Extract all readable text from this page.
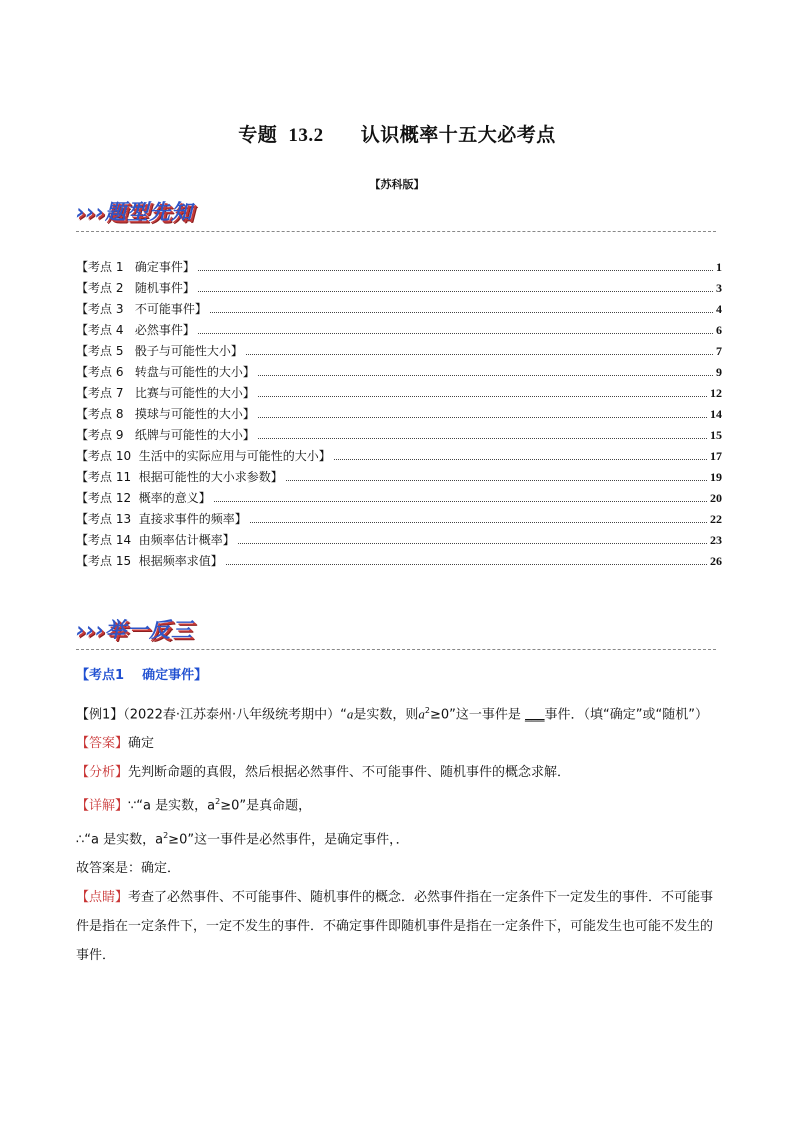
专题 13.2 认识概率十五大必考点
【苏科版】
›››题型先知
【考点 1   确定事件】	1
【考点 2   随机事件】	3
【考点 3   不可能事件】	4
【考点 4   必然事件】	6
【考点 5   骰子与可能性大小】	7
【考点 6   转盘与可能性的大小】	9
【考点 7   比赛与可能性的大小】	12
【考点 8   摸球与可能性的大小】	14
【考点 9   纸牌与可能性的大小】	15
【考点 10  生活中的实际应用与可能性的大小】	17
【考点 11  根据可能性的大小求参数】	19
【考点 12  概率的意义】	20
【考点 13  直接求事件的频率】	22
【考点 14  由频率估计概率】	23
【考点 15  根据频率求值】	26
›››举一反三
【考点1    确定事件】

【例1】（2022春·江苏泰州·八年级统考期中）“a是实数，则$a^2\ge 0$”这一事件是 ___事件．（填“确定”或“随机”）

【答案】确定

【分析】先判断命题的真假，然后根据必然事件、不可能事件、随机事件的概念求解．

【详解】∵“a 是实数，$a^2\ge 0$”是真命题，

∴“a 是实数，$a^2\ge 0$”这一事件是必然事件，是确定事件，．

故答案是：确定．

【点睛】考查了必然事件、不可能事件、随机事件的概念．必然事件指在一定条件下一定发生的事件．不可能事件是指在一定条件下，一定不发生的事件．不确定事件即随机事件是指在一定条件下，可能发生也可能不发生的事件．
